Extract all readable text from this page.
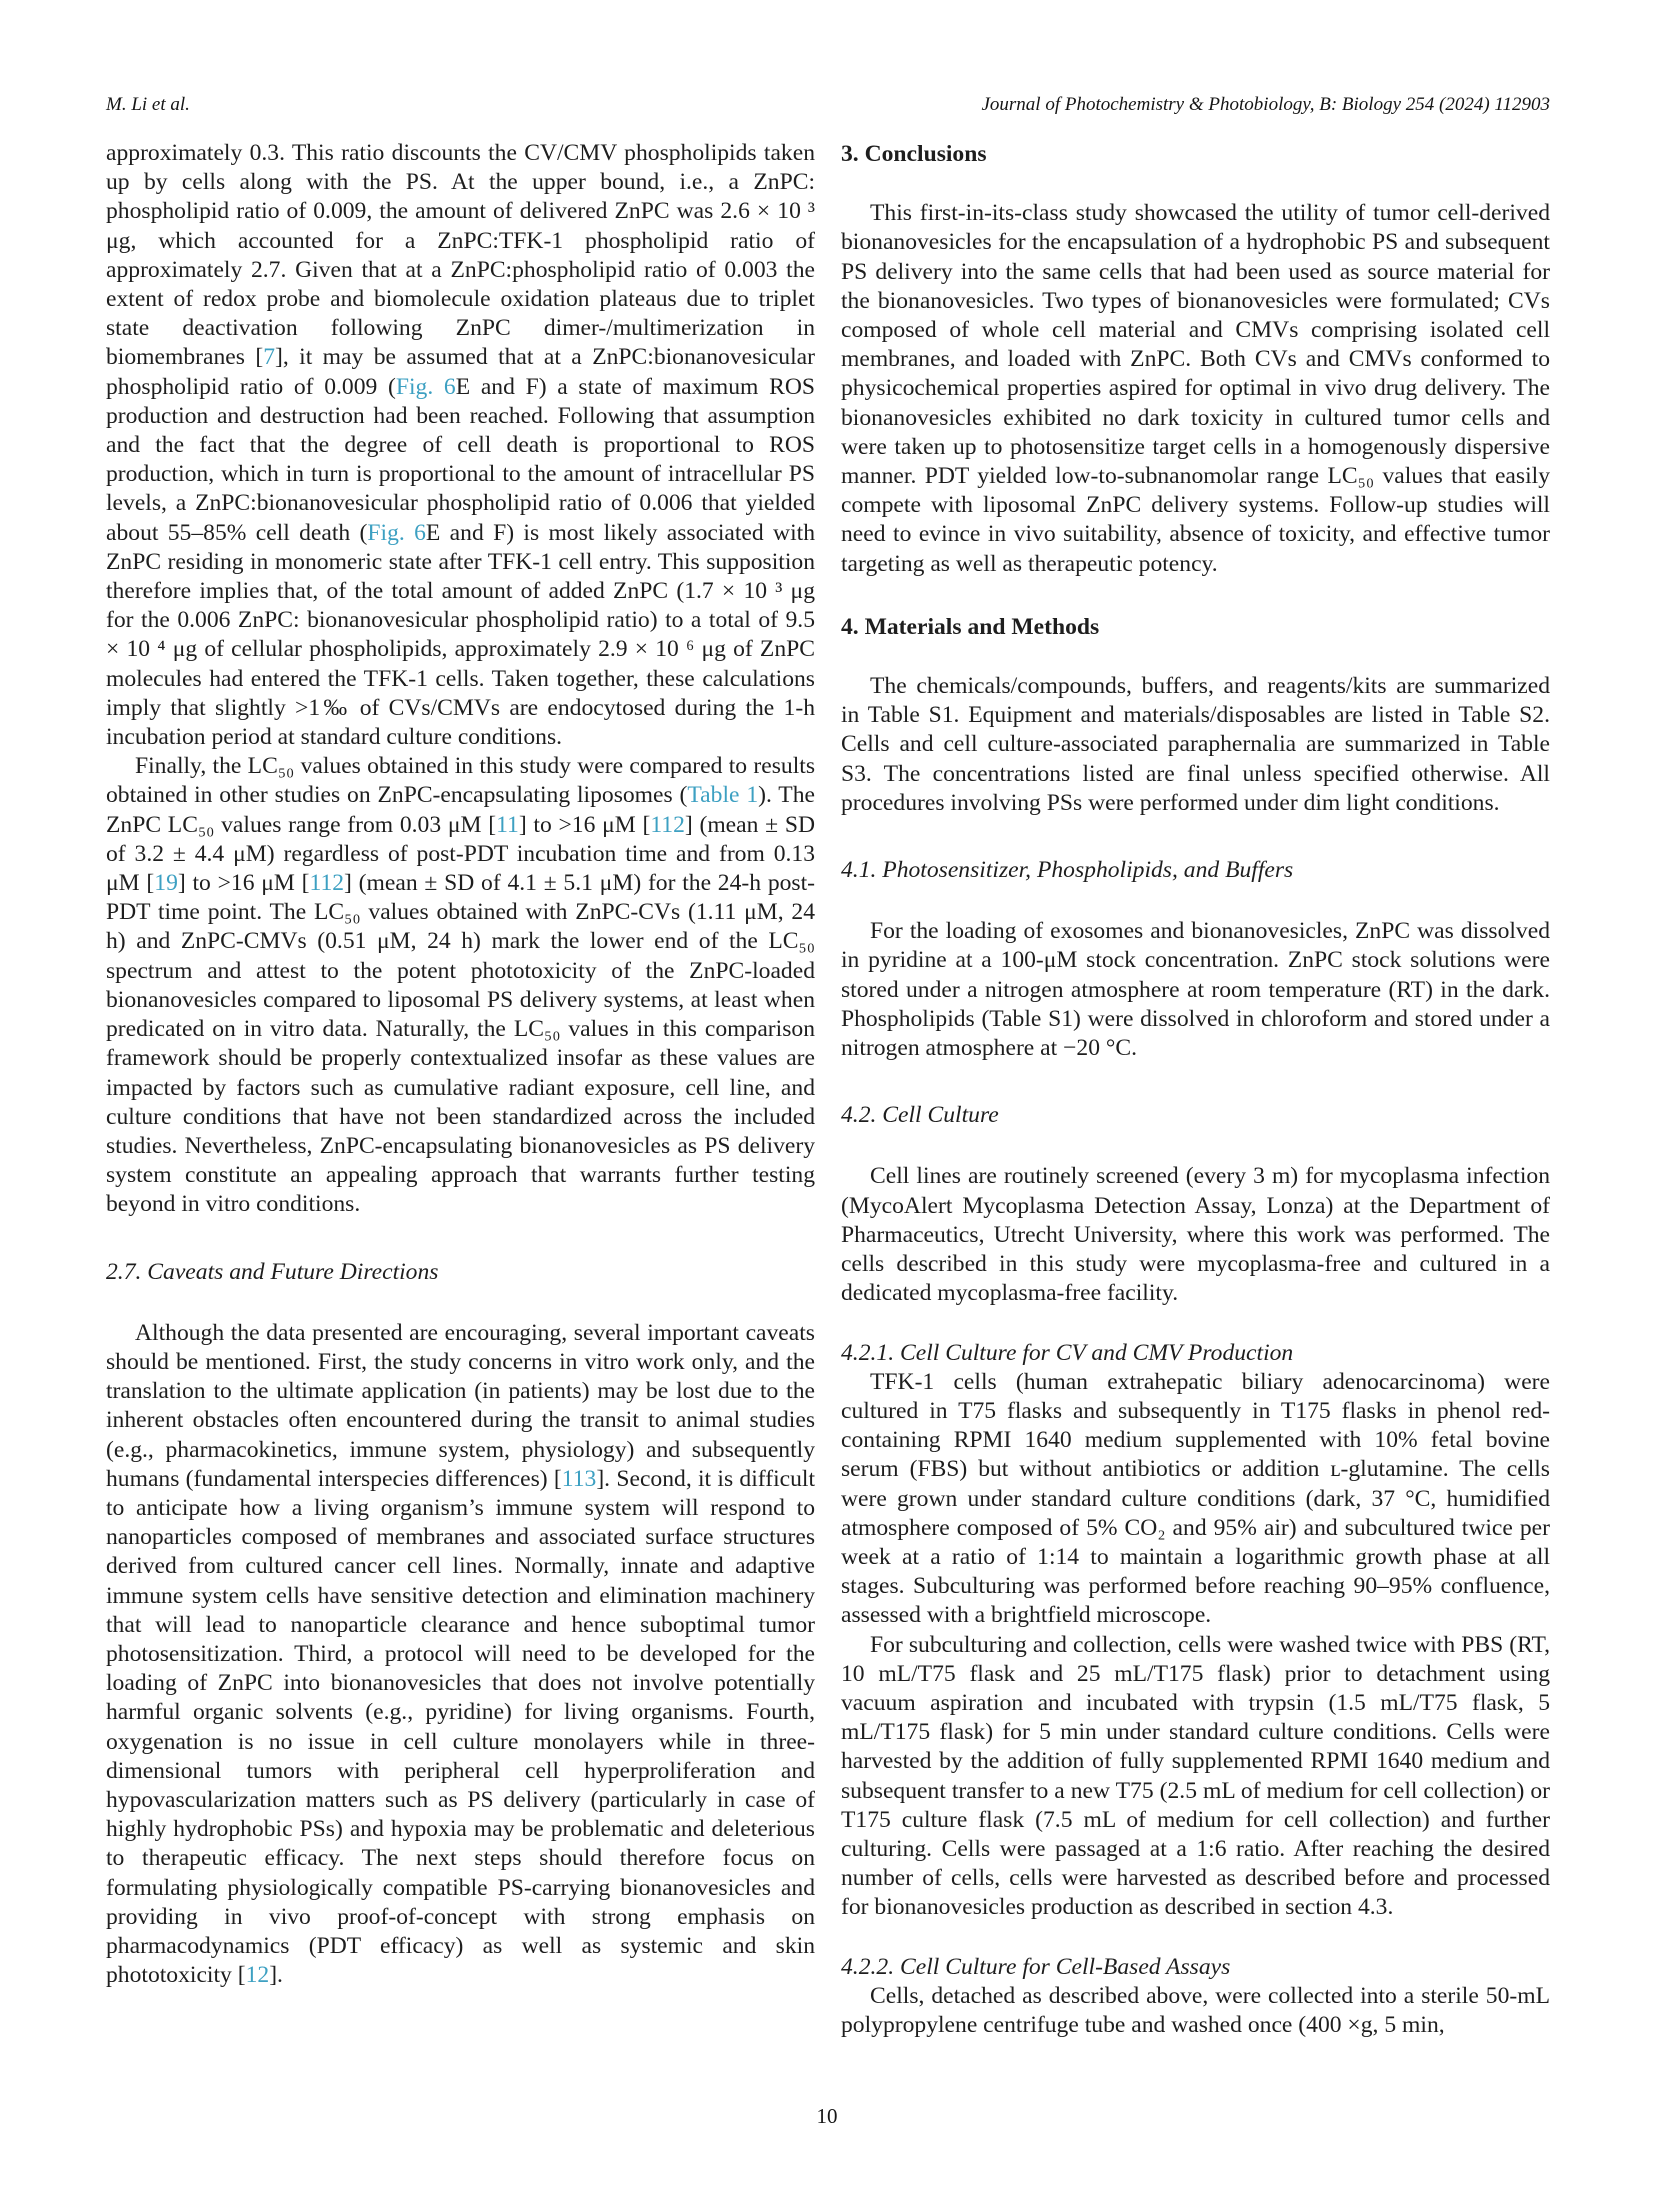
M. Li et al.	Journal of Photochemistry & Photobiology, B: Biology 254 (2024) 112903

approximately 0.3. This ratio discounts the CV/CMV phospholipids taken up by cells along with the PS. At the upper bound, i.e., a ZnPC: phospholipid ratio of 0.009, the amount of delivered ZnPC was 2.6 × 10 ³ μg, which accounted for a ZnPC:TFK-1 phospholipid ratio of approximately 2.7. Given that at a ZnPC:phospholipid ratio of 0.003 the extent of redox probe and biomolecule oxidation plateaus due to triplet state deactivation following ZnPC dimer-/multimerization in biomembranes [7], it may be assumed that at a ZnPC:bionanovesicular phospholipid ratio of 0.009 (Fig. 6E and F) a state of maximum ROS production and destruction had been reached. Following that assumption and the fact that the degree of cell death is proportional to ROS production, which in turn is proportional to the amount of intracellular PS levels, a ZnPC:bionanovesicular phospholipid ratio of 0.006 that yielded about 55–85% cell death (Fig. 6E and F) is most likely associated with ZnPC residing in monomeric state after TFK-1 cell entry. This supposition therefore implies that, of the total amount of added ZnPC (1.7 × 10 ³ μg for the 0.006 ZnPC: bionanovesicular phospholipid ratio) to a total of 9.5 × 10 ⁴ μg of cellular phospholipids, approximately 2.9 × 10 ⁶ μg of ZnPC molecules had entered the TFK-1 cells. Taken together, these calculations imply that slightly >1‰ of CVs/CMVs are endocytosed during the 1-h incubation period at standard culture conditions.

Finally, the LC₅₀ values obtained in this study were compared to results obtained in other studies on ZnPC-encapsulating liposomes (Table 1). The ZnPC LC₅₀ values range from 0.03 μM [11] to >16 μM [112] (mean ± SD of 3.2 ± 4.4 μM) regardless of post-PDT incubation time and from 0.13 μM [19] to >16 μM [112] (mean ± SD of 4.1 ± 5.1 μM) for the 24-h post-PDT time point. The LC₅₀ values obtained with ZnPC-CVs (1.11 μM, 24 h) and ZnPC-CMVs (0.51 μM, 24 h) mark the lower end of the LC₅₀ spectrum and attest to the potent phototoxicity of the ZnPC-loaded bionanovesicles compared to liposomal PS delivery systems, at least when predicated on in vitro data. Naturally, the LC₅₀ values in this comparison framework should be properly contextualized insofar as these values are impacted by factors such as cumulative radiant exposure, cell line, and culture conditions that have not been standardized across the included studies. Nevertheless, ZnPC-encapsulating bionanovesicles as PS delivery system constitute an appealing approach that warrants further testing beyond in vitro conditions.

2.7. Caveats and Future Directions

Although the data presented are encouraging, several important caveats should be mentioned. First, the study concerns in vitro work only, and the translation to the ultimate application (in patients) may be lost due to the inherent obstacles often encountered during the transit to animal studies (e.g., pharmacokinetics, immune system, physiology) and subsequently humans (fundamental interspecies differences) [113]. Second, it is difficult to anticipate how a living organism’s immune system will respond to nanoparticles composed of membranes and associated surface structures derived from cultured cancer cell lines. Normally, innate and adaptive immune system cells have sensitive detection and elimination machinery that will lead to nanoparticle clearance and hence suboptimal tumor photosensitization. Third, a protocol will need to be developed for the loading of ZnPC into bionanovesicles that does not involve potentially harmful organic solvents (e.g., pyridine) for living organisms. Fourth, oxygenation is no issue in cell culture monolayers while in three-dimensional tumors with peripheral cell hyperproliferation and hypovascularization matters such as PS delivery (particularly in case of highly hydrophobic PSs) and hypoxia may be problematic and deleterious to therapeutic efficacy. The next steps should therefore focus on formulating physiologically compatible PS-carrying bionanovesicles and providing in vivo proof-of-concept with strong emphasis on pharmacodynamics (PDT efficacy) as well as systemic and skin phototoxicity [12].

3. Conclusions

This first-in-its-class study showcased the utility of tumor cell-derived bionanovesicles for the encapsulation of a hydrophobic PS and subsequent PS delivery into the same cells that had been used as source material for the bionanovesicles. Two types of bionanovesicles were formulated; CVs composed of whole cell material and CMVs comprising isolated cell membranes, and loaded with ZnPC. Both CVs and CMVs conformed to physicochemical properties aspired for optimal in vivo drug delivery. The bionanovesicles exhibited no dark toxicity in cultured tumor cells and were taken up to photosensitize target cells in a homogenously dispersive manner. PDT yielded low-to-subnanomolar range LC₅₀ values that easily compete with liposomal ZnPC delivery systems. Follow-up studies will need to evince in vivo suitability, absence of toxicity, and effective tumor targeting as well as therapeutic potency.

4. Materials and Methods

The chemicals/compounds, buffers, and reagents/kits are summarized in Table S1. Equipment and materials/disposables are listed in Table S2. Cells and cell culture-associated paraphernalia are summarized in Table S3. The concentrations listed are final unless specified otherwise. All procedures involving PSs were performed under dim light conditions.

4.1. Photosensitizer, Phospholipids, and Buffers

For the loading of exosomes and bionanovesicles, ZnPC was dissolved in pyridine at a 100-μM stock concentration. ZnPC stock solutions were stored under a nitrogen atmosphere at room temperature (RT) in the dark. Phospholipids (Table S1) were dissolved in chloroform and stored under a nitrogen atmosphere at −20 °C.

4.2. Cell Culture

Cell lines are routinely screened (every 3 m) for mycoplasma infection (MycoAlert Mycoplasma Detection Assay, Lonza) at the Department of Pharmaceutics, Utrecht University, where this work was performed. The cells described in this study were mycoplasma-free and cultured in a dedicated mycoplasma-free facility.

4.2.1. Cell Culture for CV and CMV Production

TFK-1 cells (human extrahepatic biliary adenocarcinoma) were cultured in T75 flasks and subsequently in T175 flasks in phenol red-containing RPMI 1640 medium supplemented with 10% fetal bovine serum (FBS) but without antibiotics or addition ʟ-glutamine. The cells were grown under standard culture conditions (dark, 37 °C, humidified atmosphere composed of 5% CO₂ and 95% air) and subcultured twice per week at a ratio of 1:14 to maintain a logarithmic growth phase at all stages. Subculturing was performed before reaching 90–95% confluence, assessed with a brightfield microscope.

For subculturing and collection, cells were washed twice with PBS (RT, 10 mL/T75 flask and 25 mL/T175 flask) prior to detachment using vacuum aspiration and incubated with trypsin (1.5 mL/T75 flask, 5 mL/T175 flask) for 5 min under standard culture conditions. Cells were harvested by the addition of fully supplemented RPMI 1640 medium and subsequent transfer to a new T75 (2.5 mL of medium for cell collection) or T175 culture flask (7.5 mL of medium for cell collection) and further culturing. Cells were passaged at a 1:6 ratio. After reaching the desired number of cells, cells were harvested as described before and processed for bionanovesicles production as described in section 4.3.

4.2.2. Cell Culture for Cell-Based Assays

Cells, detached as described above, were collected into a sterile 50-mL polypropylene centrifuge tube and washed once (400 ×g, 5 min,

10
